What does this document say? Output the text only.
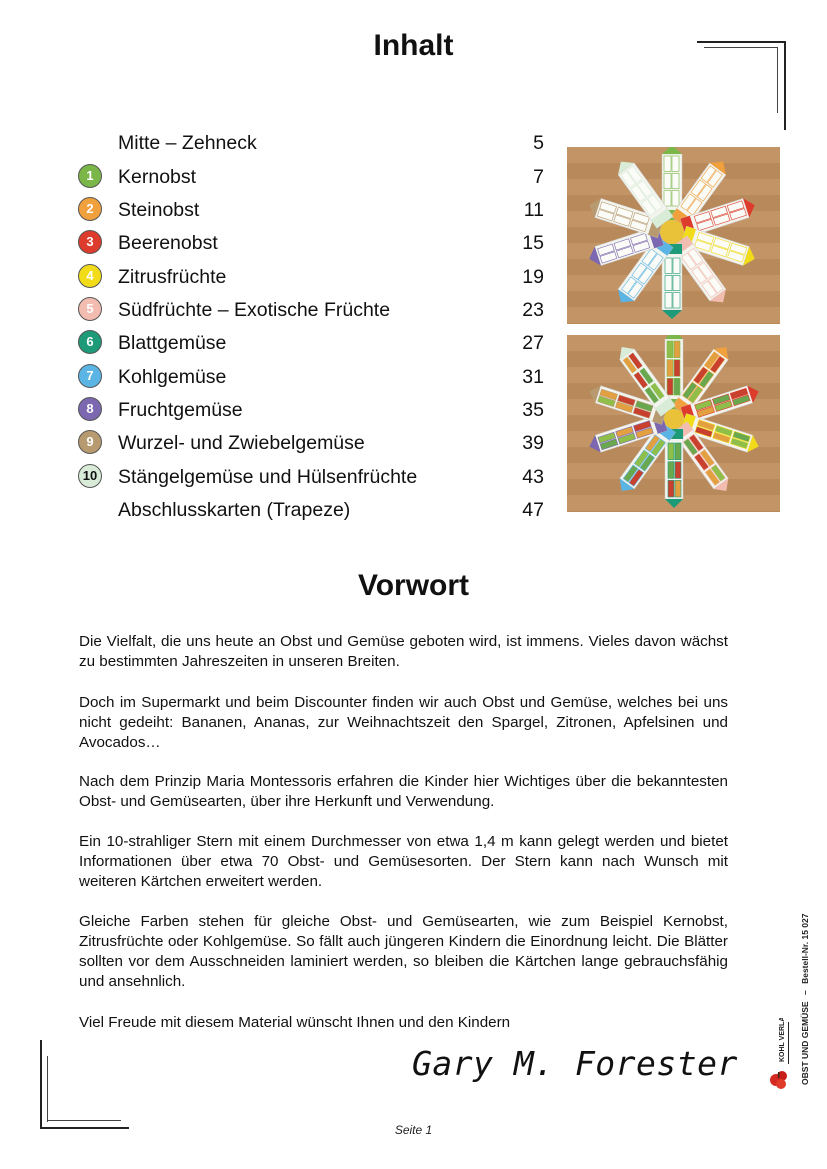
Inhalt
Mitte – Zehneck	5
1	Kernobst	7
2	Steinobst	11
3	Beerenobst	15
4	Zitrusfrüchte	19
5	Südfrüchte – Exotische Früchte	23
6	Blattgemüse	27
7	Kohlgemüse	31
8	Fruchtgemüse	35
9	Wurzel- und Zwiebelgemüse	39
10 Stängelgemüse und Hülsenfrüchte	43
Abschlusskarten (Trapeze)	47
Vorwort

Die Vielfalt, die uns heute an Obst und Gemüse geboten wird, ist immens. Vieles davon wächst zu bestimmten Jahreszeiten in unseren Breiten.

Doch im Supermarkt und beim Discounter finden wir auch Obst und Gemüse, welches bei uns nicht gedeiht: Bananen, Ananas, zur Weihnachtszeit den Spargel, Zitronen, Apfelsinen und Avocados…

Nach dem Prinzip Maria Montessoris erfahren die Kinder hier Wichtiges über die bekanntesten Obst- und Gemüsearten, über ihre Herkunft und Verwendung.

Ein 10-strahliger Stern mit einem Durchmesser von etwa 1,4 m kann gelegt werden und bietet Informationen über etwa 70 Obst- und Gemüsesorten. Der Stern kann nach Wunsch mit weiteren Kärtchen erweitert werden.

Gleiche Farben stehen für gleiche Obst- und Gemüsearten, wie zum Beispiel Kernobst, Zitrusfrüchte oder Kohlgemüse. So fällt auch jüngeren Kindern die Einordnung leicht. Die Blätter sollten vor dem Ausschneiden laminiert werden, so bleiben die Kärtchen lange gebrauchsfähig und ansehnlich.

Viel Freude mit diesem Material wünscht Ihnen und den Kindern

Gary M. Forester
Seite 1
OBST UND GEMÜSE – Bestell-Nr. 15 027
KOHL VERLAG
